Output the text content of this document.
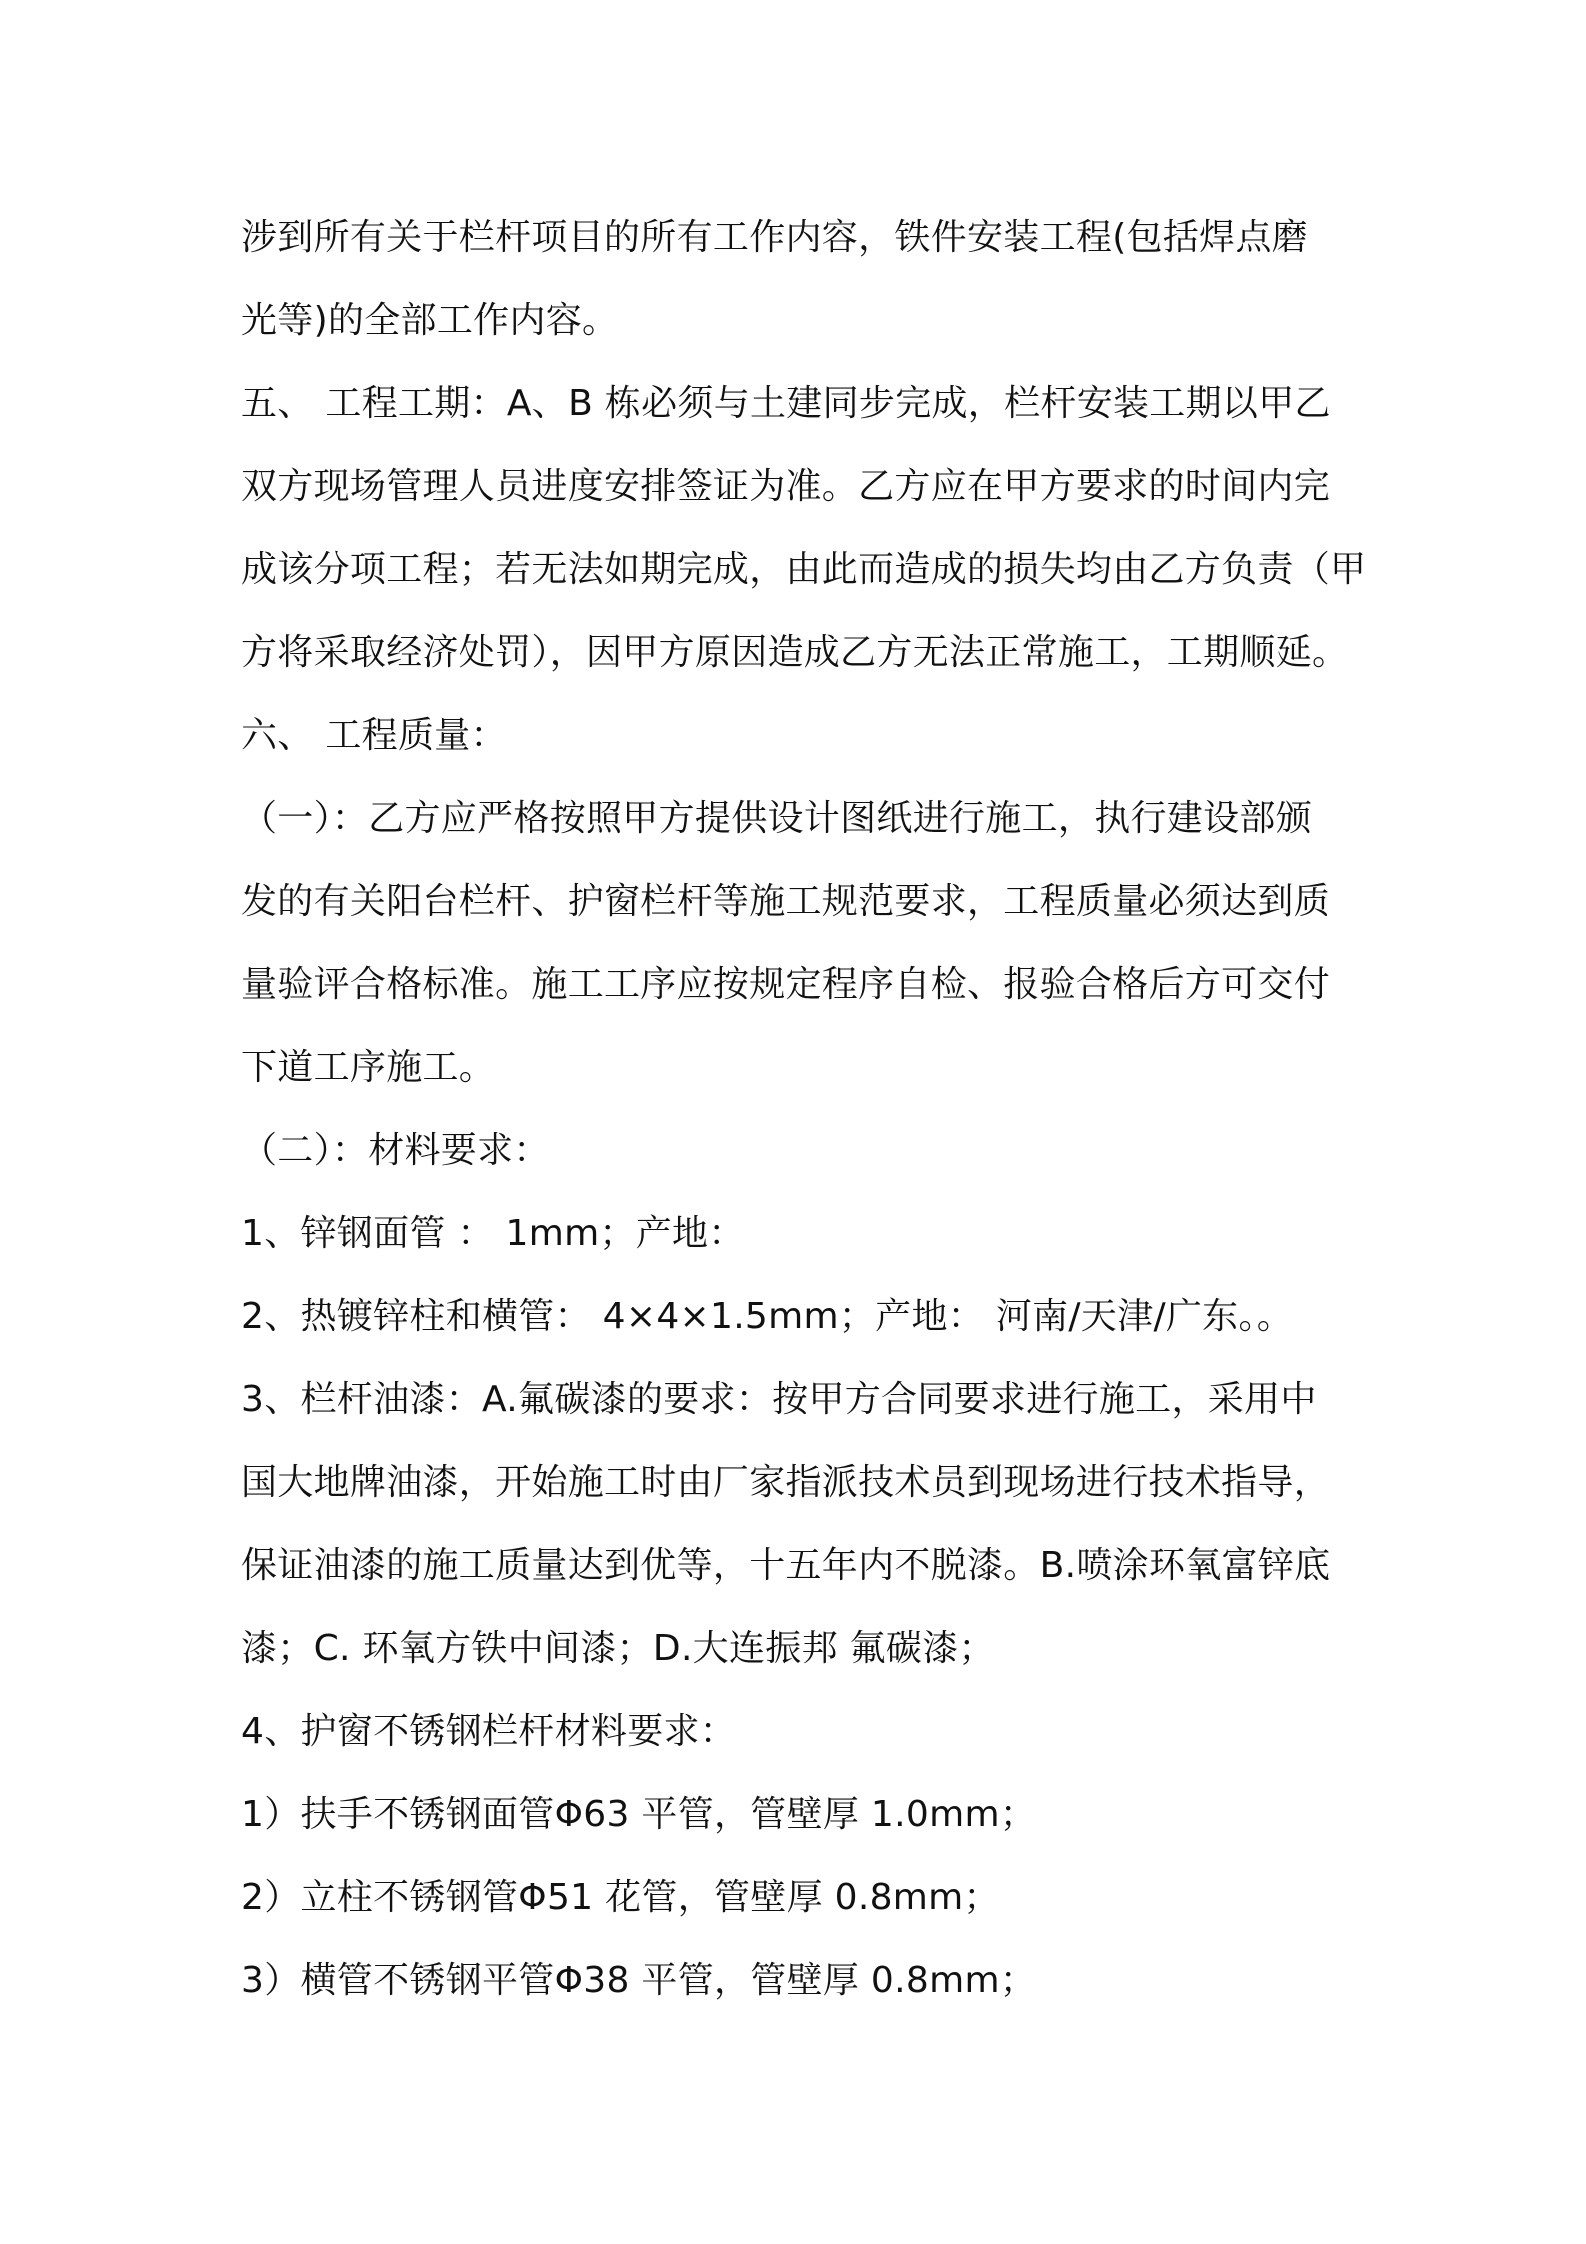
涉到所有关于栏杆项目的所有工作内容，铁件安装工程(包括焊点磨
光等)的全部工作内容。
五、 工程工期：A、B 栋必须与土建同步完成，栏杆安装工期以甲乙
双方现场管理人员进度安排签证为准。乙方应在甲方要求的时间内完
成该分项工程；若无法如期完成，由此而造成的损失均由乙方负责（甲
方将采取经济处罚），因甲方原因造成乙方无法正常施工，工期顺延。
六、 工程质量：
（一）：乙方应严格按照甲方提供设计图纸进行施工，执行建设部颁
发的有关阳台栏杆、护窗栏杆等施工规范要求，工程质量必须达到质
量验评合格标准。施工工序应按规定程序自检、报验合格后方可交付
下道工序施工。
（二）：材料要求：
1、锌钢面管 ： 1mm；产地：
2、热镀锌柱和横管： 4×4×1.5mm；产地： 河南/天津/广东。。
3、栏杆油漆：A.氟碳漆的要求：按甲方合同要求进行施工，采用中
国大地牌油漆，开始施工时由厂家指派技术员到现场进行技术指导，
保证油漆的施工质量达到优等，十五年内不脱漆。B.喷涂环氧富锌底
漆；C. 环氧方铁中间漆；D.大连振邦 氟碳漆；
4、护窗不锈钢栏杆材料要求：
1）扶手不锈钢面管Φ63 平管，管壁厚 1.0mm；
2）立柱不锈钢管Φ51 花管，管壁厚 0.8mm；
3）横管不锈钢平管Φ38 平管，管壁厚 0.8mm；
